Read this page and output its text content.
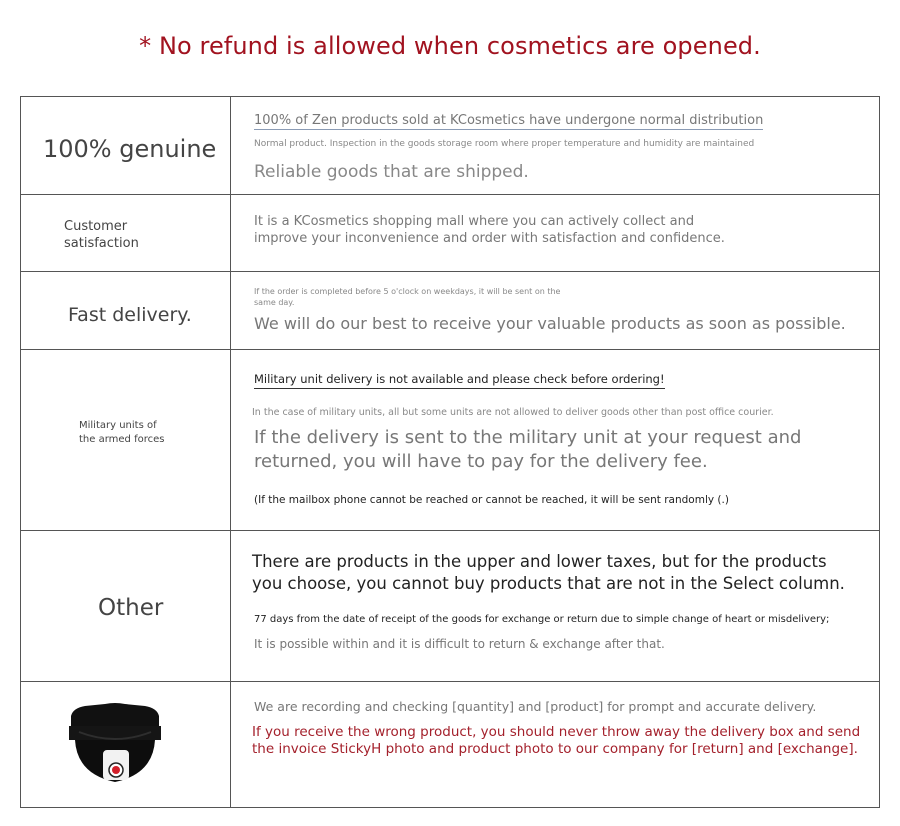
* No refund is allowed when cosmetics are opened.
100% genuine
100% of Zen products sold at KCosmetics have undergone normal distribution
Normal product. Inspection in the goods storage room where proper temperature and humidity are maintained
Reliable goods that are shipped.
Customer
satisfaction
It is a KCosmetics shopping mall where you can actively collect and
improve your inconvenience and order with satisfaction and confidence.
Fast delivery.
If the order is completed before 5 o'clock on weekdays, it will be sent on the
same day.
We will do our best to receive your valuable products as soon as possible.
Military units of
the armed forces
Military unit delivery is not available and please check before ordering!
In the case of military units, all but some units are not allowed to deliver goods other than post office courier.
If the delivery is sent to the military unit at your request and
returned, you will have to pay for the delivery fee.
(If the mailbox phone cannot be reached or cannot be reached, it will be sent randomly (.)
Other
There are products in the upper and lower taxes, but for the products
you choose, you cannot buy products that are not in the Select column.
77 days from the date of receipt of the goods for exchange or return due to simple change of heart or misdelivery;
It is possible within and it is difficult to return & exchange after that.
We are recording and checking [quantity] and [product] for prompt and accurate delivery.
If you receive the wrong product, you should never throw away the delivery box and send
the invoice StickyH photo and product photo to our company for [return] and [exchange].
